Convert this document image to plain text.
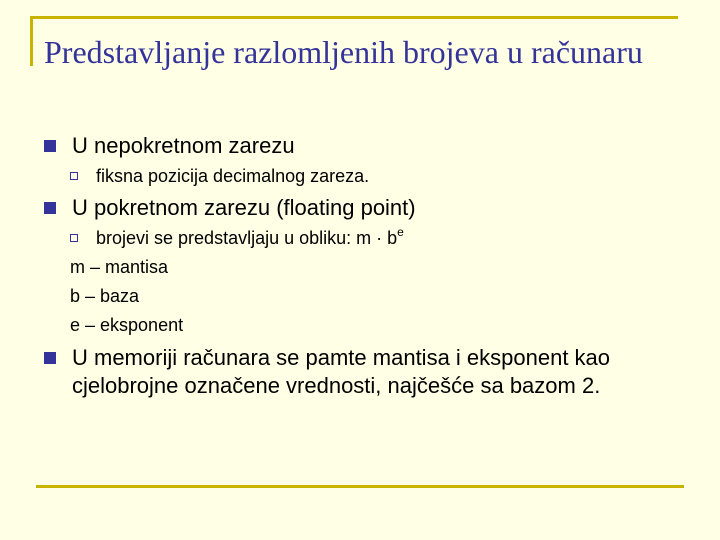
Predstavljanje razlomljenih brojeva u računaru
U nepokretnom zarezu
fiksna pozicija decimalnog zareza.
U pokretnom zarezu (floating point)
brojevi se predstavljaju u obliku: $m \cdot b^e$
m – mantisa
b – baza
e – eksponent
U memoriji računara se pamte mantisa i eksponent kao cjelobrojne označene vrednosti, najčešće sa bazom 2.
